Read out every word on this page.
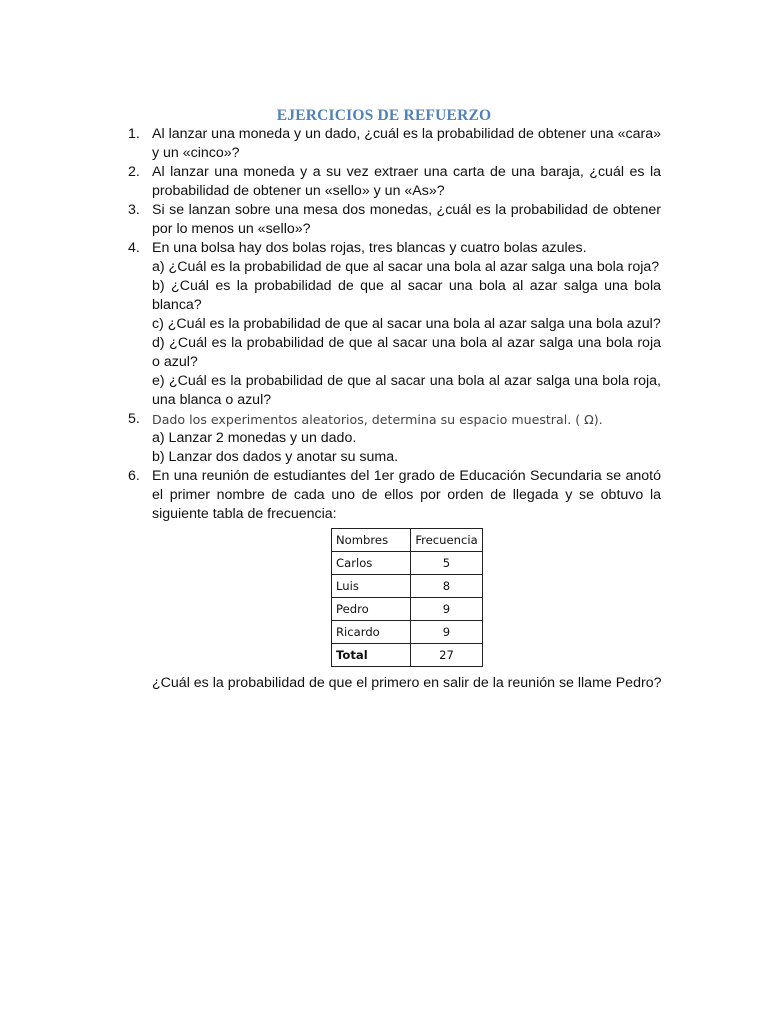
EJERCICIOS DE REFUERZO
1. Al lanzar una moneda y un dado, ¿cuál es la probabilidad de obtener una «cara» y un «cinco»?
2. Al lanzar una moneda y a su vez extraer una carta de una baraja, ¿cuál es la probabilidad de obtener un «sello» y un «As»?
3. Si se lanzan sobre una mesa dos monedas, ¿cuál es la probabilidad de obtener por lo menos un «sello»?
4. En una bolsa hay dos bolas rojas, tres blancas y cuatro bolas azules.
a) ¿Cuál es la probabilidad de que al sacar una bola al azar salga una bola roja?
b) ¿Cuál es la probabilidad de que al sacar una bola al azar salga una bola blanca?
c) ¿Cuál es la probabilidad de que al sacar una bola al azar salga una bola azul?
d) ¿Cuál es la probabilidad de que al sacar una bola al azar salga una bola roja o azul?
e) ¿Cuál es la probabilidad de que al sacar una bola al azar salga una bola roja, una blanca o azul?
5. Dado los experimentos aleatorios, determina su espacio muestral. ( Ω).
a) Lanzar 2 monedas y un dado.
b) Lanzar dos dados y anotar su suma.
6. En una reunión de estudiantes del 1er grado de Educación Secundaria se anotó el primer nombre de cada uno de ellos por orden de llegada y se obtuvo la siguiente tabla de frecuencia:
Nombres	Frecuencia
Carlos	5
Luis	8
Pedro	9
Ricardo	9
Total	27
¿Cuál es la probabilidad de que el primero en salir de la reunión se llame Pedro?
